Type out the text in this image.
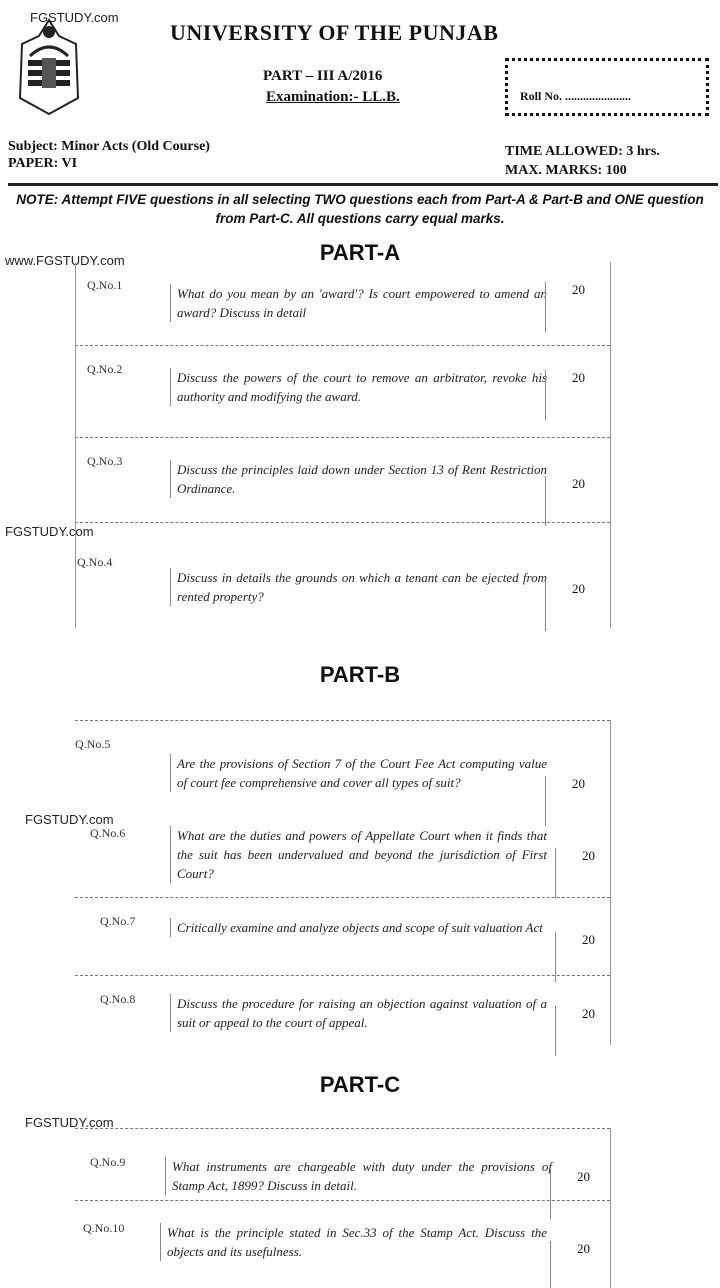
FGSTUDY.com
www.FGSTUDY.com
FGSTUDY.com
FGSTUDY.com
FGSTUDY.com
UNIVERSITY OF THE PUNJAB
PART – III A/2016
Examination:- LL.B.	Roll No. ......................
Subject: Minor Acts (Old Course)
PAPER: VI
TIME ALLOWED: 3 hrs.
MAX. MARKS: 100
NOTE: Attempt FIVE questions in all selecting TWO questions each from Part-A & Part-B and ONE question from Part-C. All questions carry equal marks.
PART-A
Q.No.1
What do you mean by an 'award'? Is court empowered to amend an award? Discuss in detail
20
Q.No.2
Discuss the powers of the court to remove an arbitrator, revoke his authority and modifying the award.
20
Q.No.3
Discuss the principles laid down under Section 13 of Rent Restriction Ordinance.	20
Q.No.4
Discuss in details the grounds on which a tenant can be ejected from rented property?
20
PART-B
Q.No.5
Are the provisions of Section 7 of the Court Fee Act computing value of court fee comprehensive and cover all types of suit?	20
Q.No.6	What are the duties and powers of Appellate Court when it finds that the suit has been undervalued and beyond the jurisdiction of First Court?
20
Q.No.7	Critically examine and analyze objects and scope of suit valuation Act
20
Q.No.8	Discuss the procedure for raising an objection against valuation of a suit or appeal to the court of appeal.
20
PART-C
Q.No.9	What instruments are chargeable with duty under the provisions of Stamp Act, 1899? Discuss in detail.
20
Q.No.10	What is the principle stated in Sec.33 of the Stamp Act. Discuss the objects and its usefulness.	20
